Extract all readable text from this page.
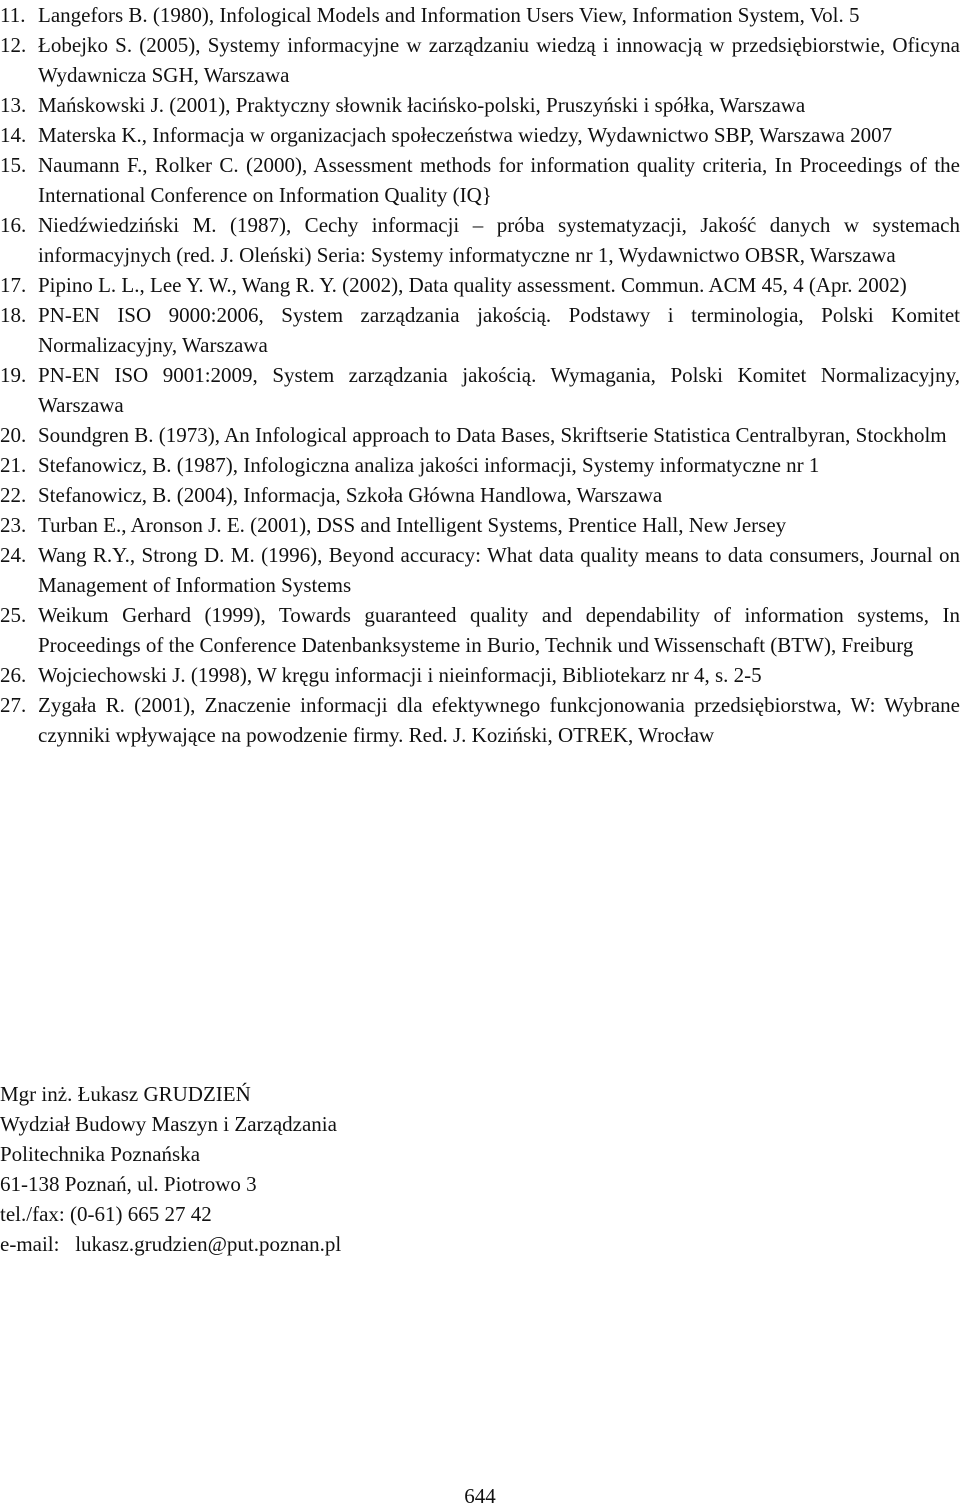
11. Langefors B. (1980), Infological Models and Information Users View, Information System, Vol. 5
12. Łobejko S. (2005), Systemy informacyjne w zarządzaniu wiedzą i innowacją w przedsiębiorstwie, Oficyna Wydawnicza SGH, Warszawa
13. Mańskowski J. (2001), Praktyczny słownik łacińsko-polski, Pruszyński i spółka, Warszawa
14. Materska K., Informacja w organizacjach społeczeństwa wiedzy, Wydawnictwo SBP, Warszawa 2007
15. Naumann F., Rolker C. (2000), Assessment methods for information quality criteria, In Proceedings of the International Conference on Information Quality (IQ}
16. Niedźwiedziński M. (1987), Cechy informacji – próba systematyzacji, Jakość danych w systemach informacyjnych (red. J. Oleński) Seria: Systemy informatyczne nr 1, Wydawnictwo OBSR, Warszawa
17. Pipino L. L., Lee Y. W., Wang R. Y. (2002), Data quality assessment. Commun. ACM 45, 4 (Apr. 2002)
18. PN-EN ISO 9000:2006, System zarządzania jakością. Podstawy i terminologia, Polski Komitet Normalizacyjny, Warszawa
19. PN-EN ISO 9001:2009, System zarządzania jakością. Wymagania, Polski Komitet Normalizacyjny, Warszawa
20. Soundgren B. (1973), An Infological approach to Data Bases, Skriftserie Statistica Centralbyran, Stockholm
21. Stefanowicz, B. (1987), Infologiczna analiza jakości informacji, Systemy informatyczne nr 1
22. Stefanowicz, B. (2004), Informacja, Szkoła Główna Handlowa, Warszawa
23. Turban E., Aronson J. E. (2001), DSS and Intelligent Systems, Prentice Hall, New Jersey
24. Wang R.Y., Strong D. M. (1996), Beyond accuracy: What data quality means to data consumers, Journal on Management of Information Systems
25. Weikum Gerhard (1999), Towards guaranteed quality and dependability of information systems, In Proceedings of the Conference Datenbanksysteme in Burio, Technik und Wissenschaft (BTW), Freiburg
26. Wojciechowski J. (1998), W kręgu informacji i nieinformacji, Bibliotekarz nr 4, s. 2-5
27. Zygała R. (2001), Znaczenie informacji dla efektywnego funkcjonowania przedsiębiorstwa, W: Wybrane czynniki wpływające na powodzenie firmy. Red. J. Koziński, OTREK, Wrocław
Mgr inż. Łukasz GRUDZIEŃ
Wydział Budowy Maszyn i Zarządzania
Politechnika Poznańska
61-138 Poznań, ul. Piotrowo 3
tel./fax: (0-61) 665 27 42
e-mail:   lukasz.grudzien@put.poznan.pl
644
